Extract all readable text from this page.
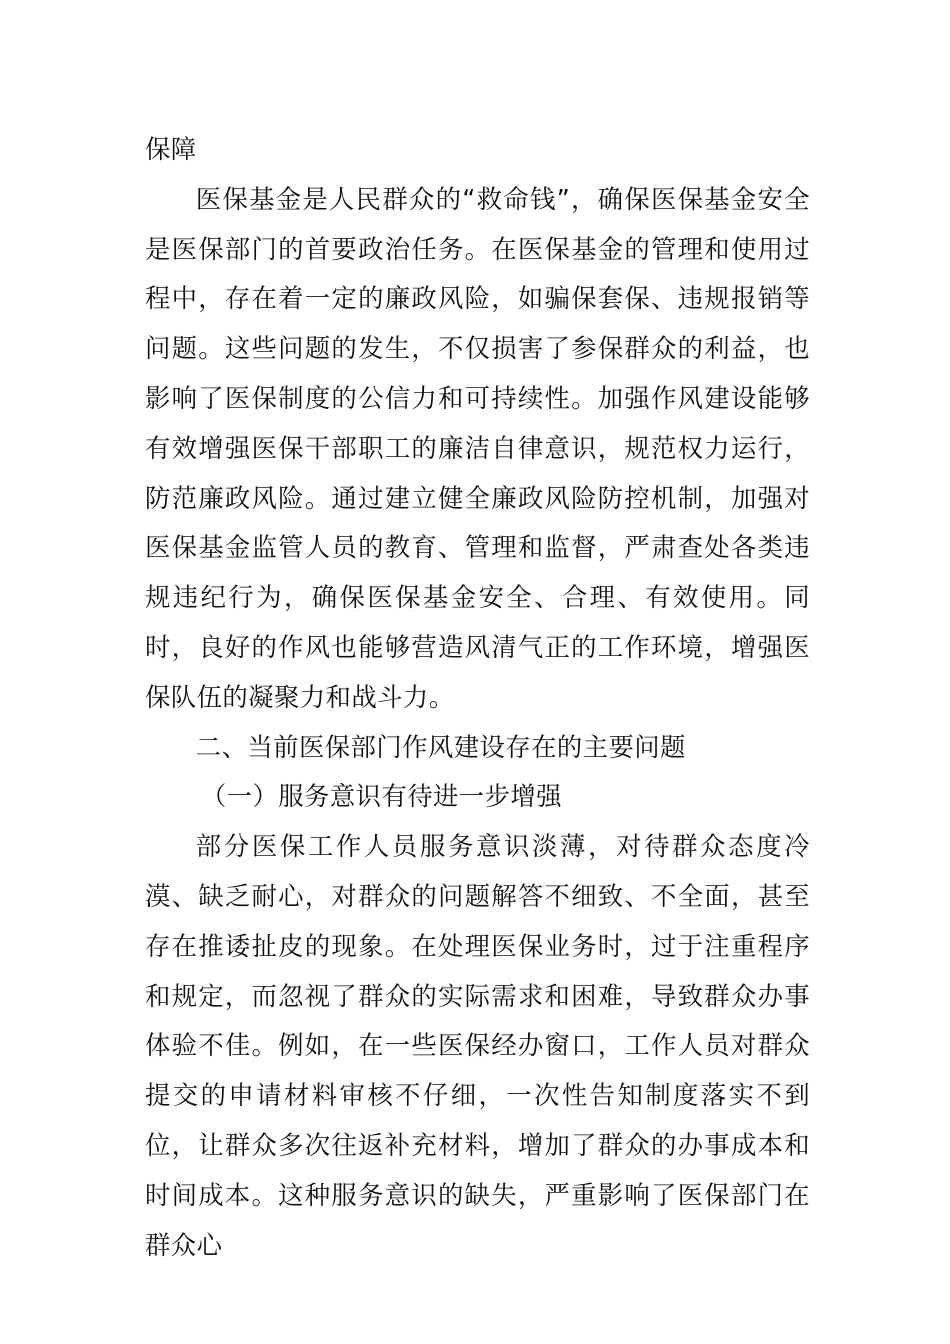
保障

医保基金是人民群众的“救命钱”，确保医保基金安全是医保部门的首要政治任务。在医保基金的管理和使用过程中，存在着一定的廉政风险，如骗保套保、违规报销等问题。这些问题的发生，不仅损害了参保群众的利益，也影响了医保制度的公信力和可持续性。加强作风建设能够有效增强医保干部职工的廉洁自律意识，规范权力运行，防范廉政风险。通过建立健全廉政风险防控机制，加强对医保基金监管人员的教育、管理和监督，严肃查处各类违规违纪行为，确保医保基金安全、合理、有效使用。同时，良好的作风也能够营造风清气正的工作环境，增强医保队伍的凝聚力和战斗力。

二、当前医保部门作风建设存在的主要问题

（一）服务意识有待进一步增强

部分医保工作人员服务意识淡薄，对待群众态度冷漠、缺乏耐心，对群众的问题解答不细致、不全面，甚至存在推诿扯皮的现象。在处理医保业务时，过于注重程序和规定，而忽视了群众的实际需求和困难，导致群众办事体验不佳。例如，在一些医保经办窗口，工作人员对群众提交的申请材料审核不仔细，一次性告知制度落实不到位，让群众多次往返补充材料，增加了群众的办事成本和时间成本。这种服务意识的缺失，严重影响了医保部门在群众心
